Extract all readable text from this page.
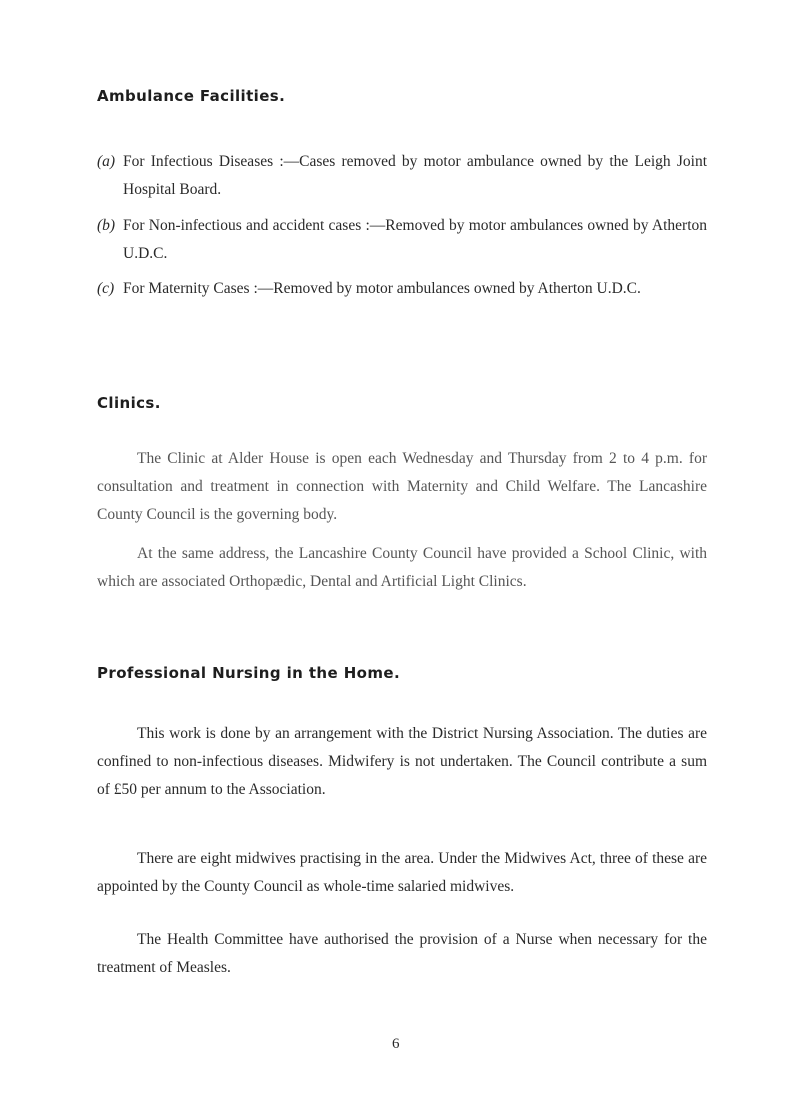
Ambulance Facilities.
(a) For Infectious Diseases :—Cases removed by motor ambulance owned by the Leigh Joint Hospital Board.
(b) For Non-infectious and accident cases :—Removed by motor ambulances owned by Atherton U.D.C.
(c) For Maternity Cases :—Removed by motor ambulances owned by Atherton U.D.C.
Clinics.

The Clinic at Alder House is open each Wednesday and Thursday from 2 to 4 p.m. for consultation and treatment in connection with Maternity and Child Welfare. The Lancashire County Council is the governing body.

At the same address, the Lancashire County Council have provided a School Clinic, with which are associated Orthopædic, Dental and Artificial Light Clinics.

Professional Nursing in the Home.

This work is done by an arrangement with the District Nursing Association. The duties are confined to non-infectious diseases. Midwifery is not undertaken. The Council contribute a sum of £50 per annum to the Association.

There are eight midwives practising in the area. Under the Midwives Act, three of these are appointed by the County Council as whole-time salaried midwives.

The Health Committee have authorised the provision of a Nurse when necessary for the treatment of Measles.

6
